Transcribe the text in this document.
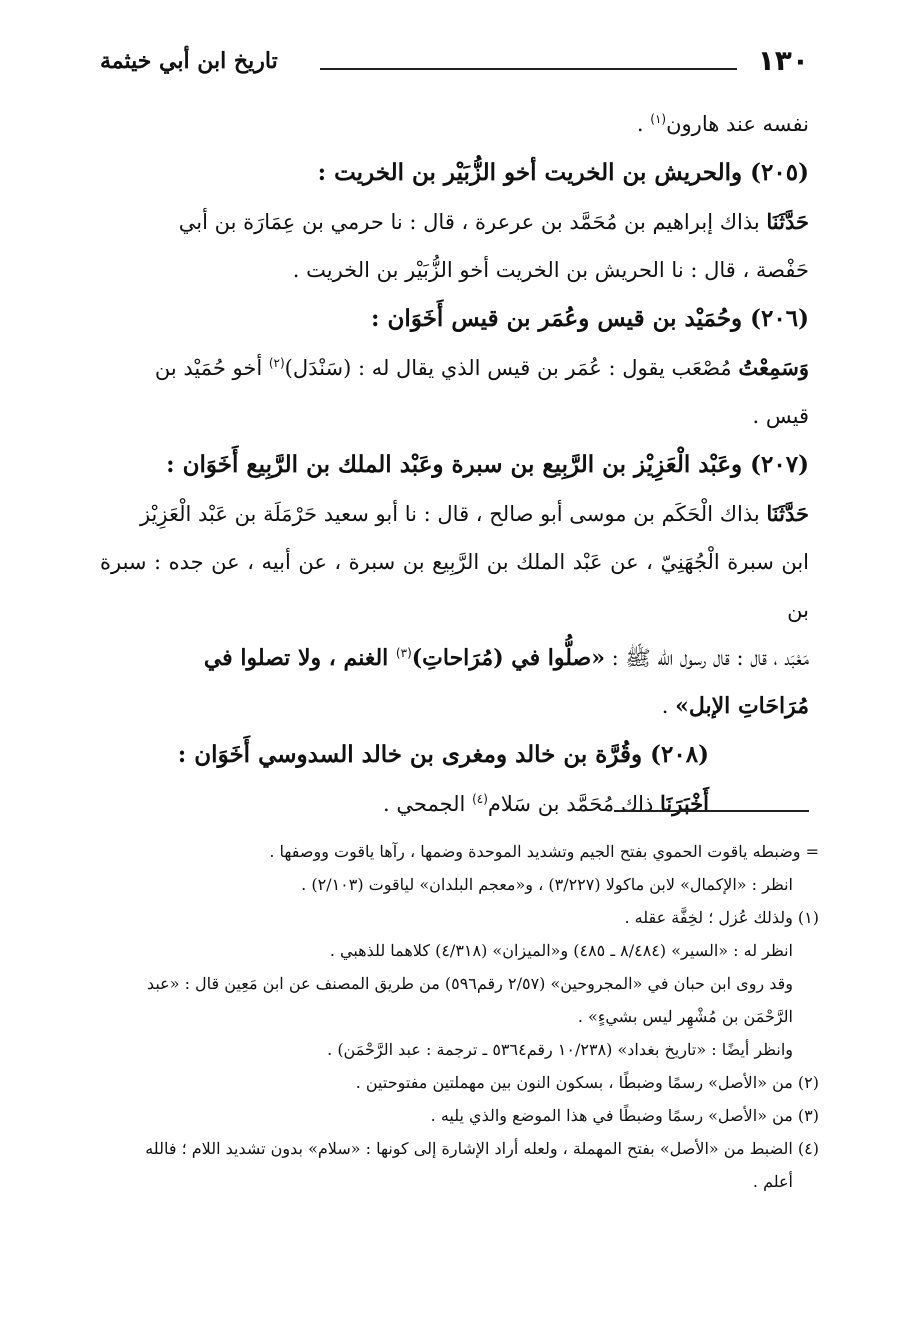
١٣٠
تاريخ ابن أبي خيثمة

نفسه عند هارون$^{(١)}$ .

(٢٠٥) والحريش بن الخريت أخو الزُّبَيْر بن الخريت :

حَدَّثَنَا بذاك إبراهيم بن مُحَمَّد بن عرعرة ، قال : نا حرمي بن عِمَارَة بن أبي

حَفْصة ، قال : نا الحريش بن الخريت أخو الزُّبَيْر بن الخريت .

(٢٠٦) وحُمَيْد بن قيس وعُمَر بن قيس أَخَوَان :

وَسَمِعْتُ مُصْعَب يقول : عُمَر بن قيس الذي يقال له : (سَنْدَل)$^{(٢)}$ أخو حُمَيْد بن

قيس .

(٢٠٧) وعَبْد الْعَزِيْز بن الرَّبِيع بن سبرة وعَبْد الملك بن الرَّبِيع أَخَوَان :

حَدَّثَنَا بذاك الْحَكَم بن موسى أبو صالح ، قال : نا أبو سعيد حَرْمَلَة بن عَبْد الْعَزِيْز

ابن سبرة الْجُهَنِيّ ، عن عَبْد الملك بن الرَّبِيع بن سبرة ، عن أبيه ، عن جده : سبرة بن

مَعْبَد ، قال : قال رسول الله ﷺ : «صلُّوا في (مُرَاحاتِ)$^{(٣)}$ الغنم ، ولا تصلوا في

مُرَاحَاتِ الإبل» .

(٢٠٨) وقُرَّة بن خالد ومغرى بن خالد السدوسي أَخَوَان :

أَخْبَرَنَا ذاك مُحَمَّد بن سَلام$^{(٤)}$ الجمحي .

= وضبطه ياقوت الحموي بفتح الجيم وتشديد الموحدة وضمها ، رآها ياقوت ووصفها .

انظر : «الإكمال» لابن ماكولا (٣/٢٢٧) ، و«معجم البلدان» لياقوت (٢/١٠٣) .

(١) ولذلك عُزل ؛ لخِفَّة عقله .

انظر له : «السير» (٨/٤٨٤ ـ ٤٨٥) و«الميزان» (٤/٣١٨) كلاهما للذهبي .

وقد روى ابن حبان في «المجروحين» (٢/٥٧ رقم٥٩٦) من طريق المصنف عن ابن مَعِين قال : «عبد

الرَّحْمَن بن مُشْهِر ليس بشيءٍ» .

وانظر أيضًا : «تاريخ بغداد» (١٠/٢٣٨ رقم٥٣٦٤ ـ ترجمة : عبد الرَّحْمَن) .

(٢) من «الأصل» رسمًا وضبطًا ، بسكون النون بين مهملتين مفتوحتين .

(٣) من «الأصل» رسمًا وضبطًا في هذا الموضع والذي يليه .

(٤) الضبط من «الأصل» بفتح المهملة ، ولعله أراد الإشارة إلى كونها : «سلام» بدون تشديد اللام ؛ فالله

أعلم .
